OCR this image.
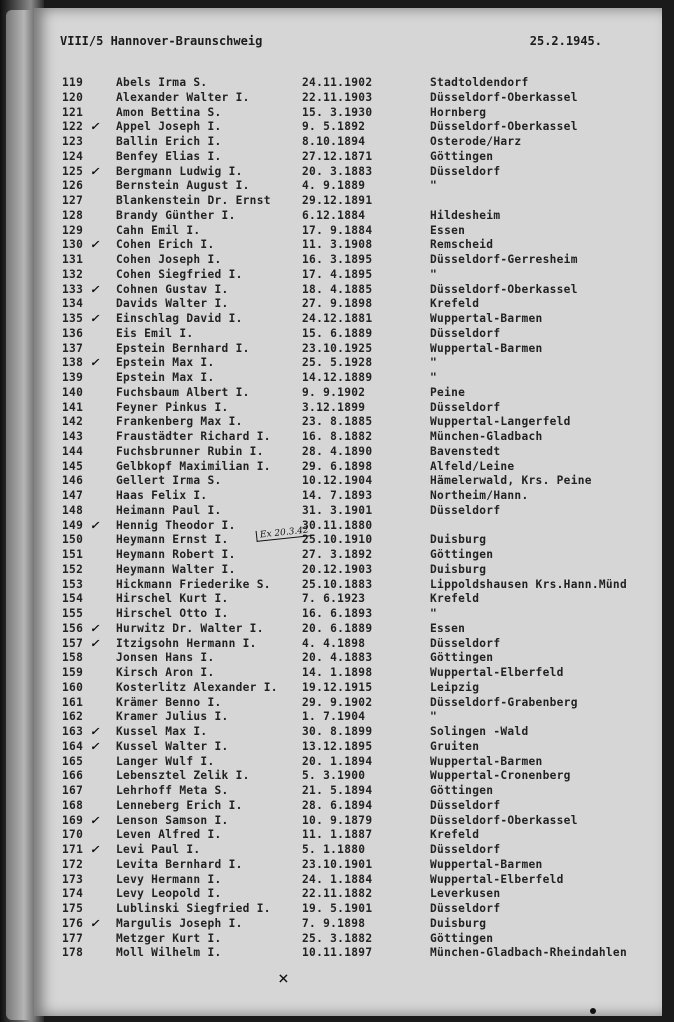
VIII/5 Hannover-Braunschweig	25.2.1945.
119	Abels Irma S.	24.11.1902	Stadtoldendorf
120	Alexander Walter I.	22.11.1903	Düsseldorf-Oberkassel
121	Amon Bettina S.	15. 3.1930	Hornberg
122	Appel Joseph I.	9. 5.1892	Düsseldorf-Oberkassel
✓
123	Ballin Erich I.	8.10.1894	Osterode/Harz
124	Benfey Elias I.	27.12.1871	Göttingen
125	Bergmann Ludwig I.	20. 3.1883	Düsseldorf
✓
126	Bernstein August I.	4. 9.1889	"
127	Blankenstein Dr. Ernst	29.12.1891
128	Brandy Günther I.	6.12.1884	Hildesheim
129	Cahn Emil I.	17. 9.1884	Essen
130	Cohen Erich I.	11. 3.1908	Remscheid
✓
131	Cohen Joseph I.	16. 3.1895	Düsseldorf-Gerresheim
132	Cohen Siegfried I.	17. 4.1895	"
133	Cohnen Gustav I.	18. 4.1885	Düsseldorf-Oberkassel
✓
134	Davids Walter I.	27. 9.1898	Krefeld
135	Einschlag David I.	24.12.1881	Wuppertal-Barmen
✓
136	Eis Emil I.	15. 6.1889	Düsseldorf
137	Epstein Bernhard I.	23.10.1925	Wuppertal-Barmen
138	Epstein Max I.	25. 5.1928	"
✓
139	Epstein Max I.	14.12.1889	"
140	Fuchsbaum Albert I.	9. 9.1902	Peine
141	Feyner Pinkus I.	3.12.1899	Düsseldorf
142	Frankenberg Max I.	23. 8.1885	Wuppertal-Langerfeld
143	Fraustädter Richard I.	16. 8.1882	München-Gladbach
144	Fuchsbrunner Rubin I.	28. 4.1890	Bavenstedt
145	Gelbkopf Maximilian I.	29. 6.1898	Alfeld/Leine
146	Gellert Irma S.	10.12.1904	Hämelerwald, Krs. Peine
147	Haas Felix I.	14. 7.1893	Northeim/Hann.
148	Heimann Paul I.	31. 3.1901	Düsseldorf
149	Hennig Theodor I.	30.11.1880
✓
150	Heymann Ernst I.	25.10.1910	Duisburg
151	Heymann Robert I.	27. 3.1892	Göttingen
152	Heymann Walter I.	20.12.1903	Duisburg
153	Hickmann Friederike S.	25.10.1883	Lippoldshausen Krs.Hann.Münd
154	Hirschel Kurt I.	7. 6.1923	Krefeld
155	Hirschel Otto I.	16. 6.1893	"
156	Hurwitz Dr. Walter I.	20. 6.1889	Essen
✓
157	Itzigsohn Hermann I.	4. 4.1898	Düsseldorf
✓
158	Jonsen Hans I.	20. 4.1883	Göttingen
159	Kirsch Aron I.	14. 1.1898	Wuppertal-Elberfeld
160	Kosterlitz Alexander I. 19.12.1915	Leipzig
161	Krämer Benno I.	29. 9.1902	Düsseldorf-Grabenberg
162	Kramer Julius I.	1. 7.1904	"
163	Kussel Max I.	30. 8.1899	Solingen -Wald
✓
164	Kussel Walter I.	13.12.1895	Gruiten
✓
165	Langer Wulf I.	20. 1.1894	Wuppertal-Barmen
166	Lebensztel Zelik I.	5. 3.1900	Wuppertal-Cronenberg
167	Lehrhoff Meta S.	21. 5.1894	Göttingen
168	Lenneberg Erich I.	28. 6.1894	Düsseldorf
169	Lenson Samson I.	10. 9.1879	Düsseldorf-Oberkassel
✓
170	Leven Alfred I.	11. 1.1887	Krefeld
171	Levi Paul I.	5. 1.1880	Düsseldorf
✓
172	Levita Bernhard I.	23.10.1901	Wuppertal-Barmen
173	Levy Hermann I.	24. 1.1884	Wuppertal-Elberfeld
174	Levy Leopold I.	22.11.1882	Leverkusen
175	Lublinski Siegfried I.	19. 5.1901	Düsseldorf
176	Margulis Joseph I.	7. 9.1898	Duisburg
✓
177	Metzger Kurt I.	25. 3.1882	Göttingen
178	Moll Wilhelm I.	10.11.1897	München-Gladbach-Rheindahlen
Ex 20.3.42
×
